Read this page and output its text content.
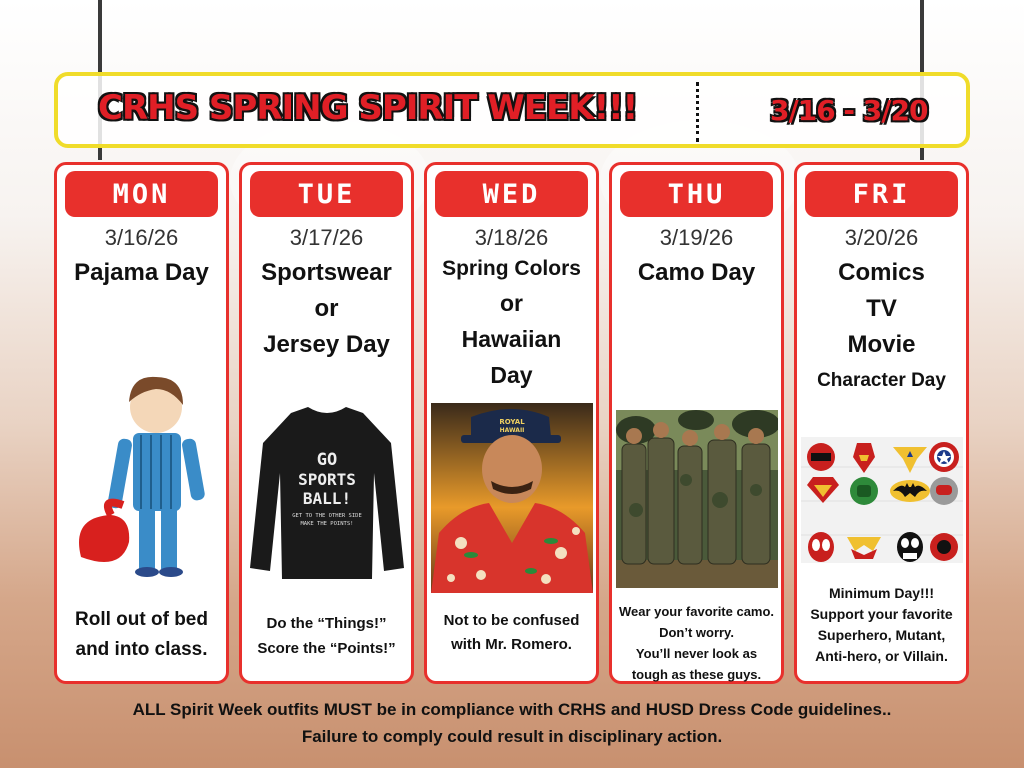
CRHS SPRING SPIRIT WEEK!!!	3/16 - 3/20
MON
3/16/26
Pajama Day
Roll out of bed
and into class.
TUE
3/17/26
Sportswear
or
Jersey Day
GO
SPORTS
BALL!
GET TO THE OTHER SIDE
MAKE THE POINTS!
Do the “Things!”
Score the “Points!”
WED
3/18/26
Spring Colors
or
Hawaiian
Day
ROYAL
HAWAII
Not to be confused
with Mr. Romero.
THU
3/19/26
Camo Day
Wear your favorite camo.
Don’t worry.
You’ll never look as
tough as these guys.
FRI
3/20/26
Comics
TV
Movie
Character Day
Minimum Day!!!
Support your favorite
Superhero, Mutant,
Anti-hero, or Villain.
ALL Spirit Week outfits MUST be in compliance with CRHS and HUSD Dress Code guidelines..
Failure to comply could result in disciplinary action.
